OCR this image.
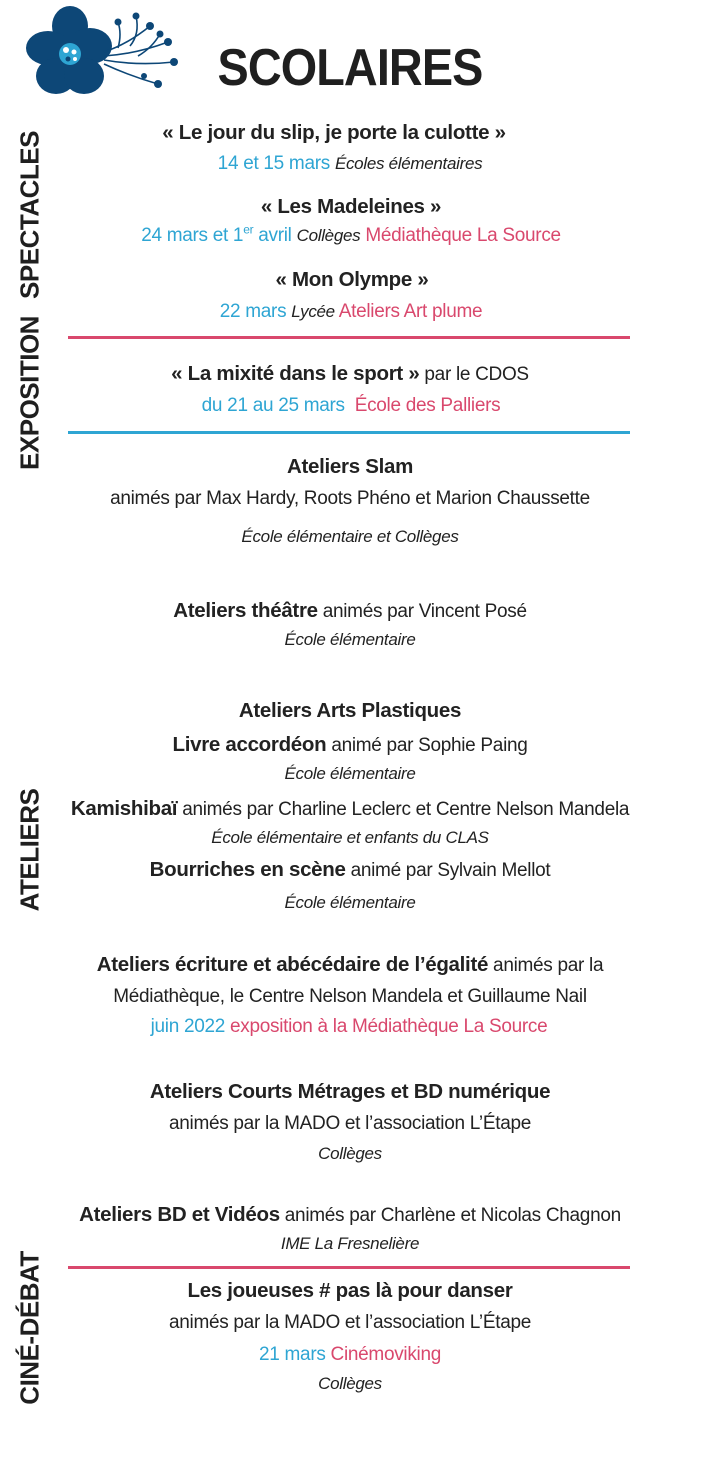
SCOLAIRES
SPECTACLES
EXPOSITION
ATELIERS
CINÉ-DÉBAT
« Le jour du slip, je porte la culotte »
14 et 15 mars Écoles élémentaires
« Les Madeleines »
24 mars et 1er avril Collèges Médiathèque La Source
« Mon Olympe »
22 mars Lycée Ateliers Art plume
« La mixité dans le sport » par le CDOS
du 21 au 25 mars École des Palliers
Ateliers Slam
animés par Max Hardy, Roots Phéno et Marion Chaussette
École élémentaire et Collèges
Ateliers théâtre animés par Vincent Posé
École élémentaire
Ateliers Arts Plastiques
Livre accordéon animé par Sophie Paing
École élémentaire
Kamishibaï animés par Charline Leclerc et Centre Nelson Mandela
École élémentaire et enfants du CLAS
Bourriches en scène animé par Sylvain Mellot
École élémentaire
Ateliers écriture et abécédaire de l’égalité animés par la
Médiathèque, le Centre Nelson Mandela et Guillaume Nail
juin 2022 exposition à la Médiathèque La Source
Ateliers Courts Métrages et BD numérique
animés par la MADO et l’association L’Étape
Collèges
Ateliers BD et Vidéos animés par Charlène et Nicolas Chagnon
IME La Fresnelière
Les joueuses # pas là pour danser
animés par la MADO et l’association L’Étape
21 mars Cinémoviking
Collèges
